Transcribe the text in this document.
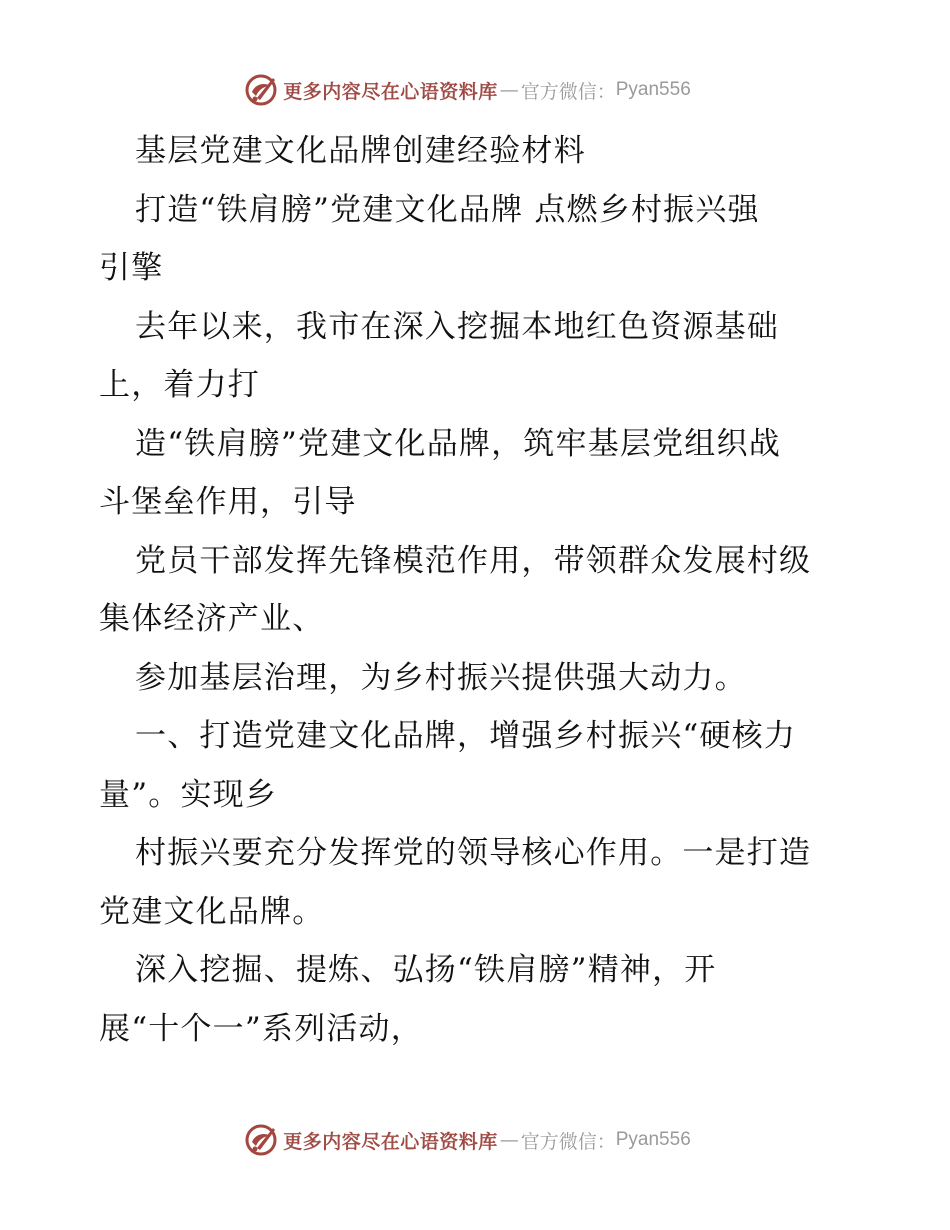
更多内容尽在心语资料库 — 官方微信： Pyan556
基层党建文化品牌创建经验材料
打造“铁肩膀”党建文化品牌 点燃乡村振兴强
引擎
去年以来，我市在深入挖掘本地红色资源基础
上，着力打
造“铁肩膀”党建文化品牌，筑牢基层党组织战
斗堡垒作用，引导
党员干部发挥先锋模范作用，带领群众发展村级
集体经济产业、
参加基层治理，为乡村振兴提供强大动力。
一、打造党建文化品牌，增强乡村振兴“硬核力
量”。实现乡
村振兴要充分发挥党的领导核心作用。一是打造
党建文化品牌。
深入挖掘、提炼、弘扬“铁肩膀”精神，开
展“十个一”系列活动，
更多内容尽在心语资料库 — 官方微信： Pyan556
